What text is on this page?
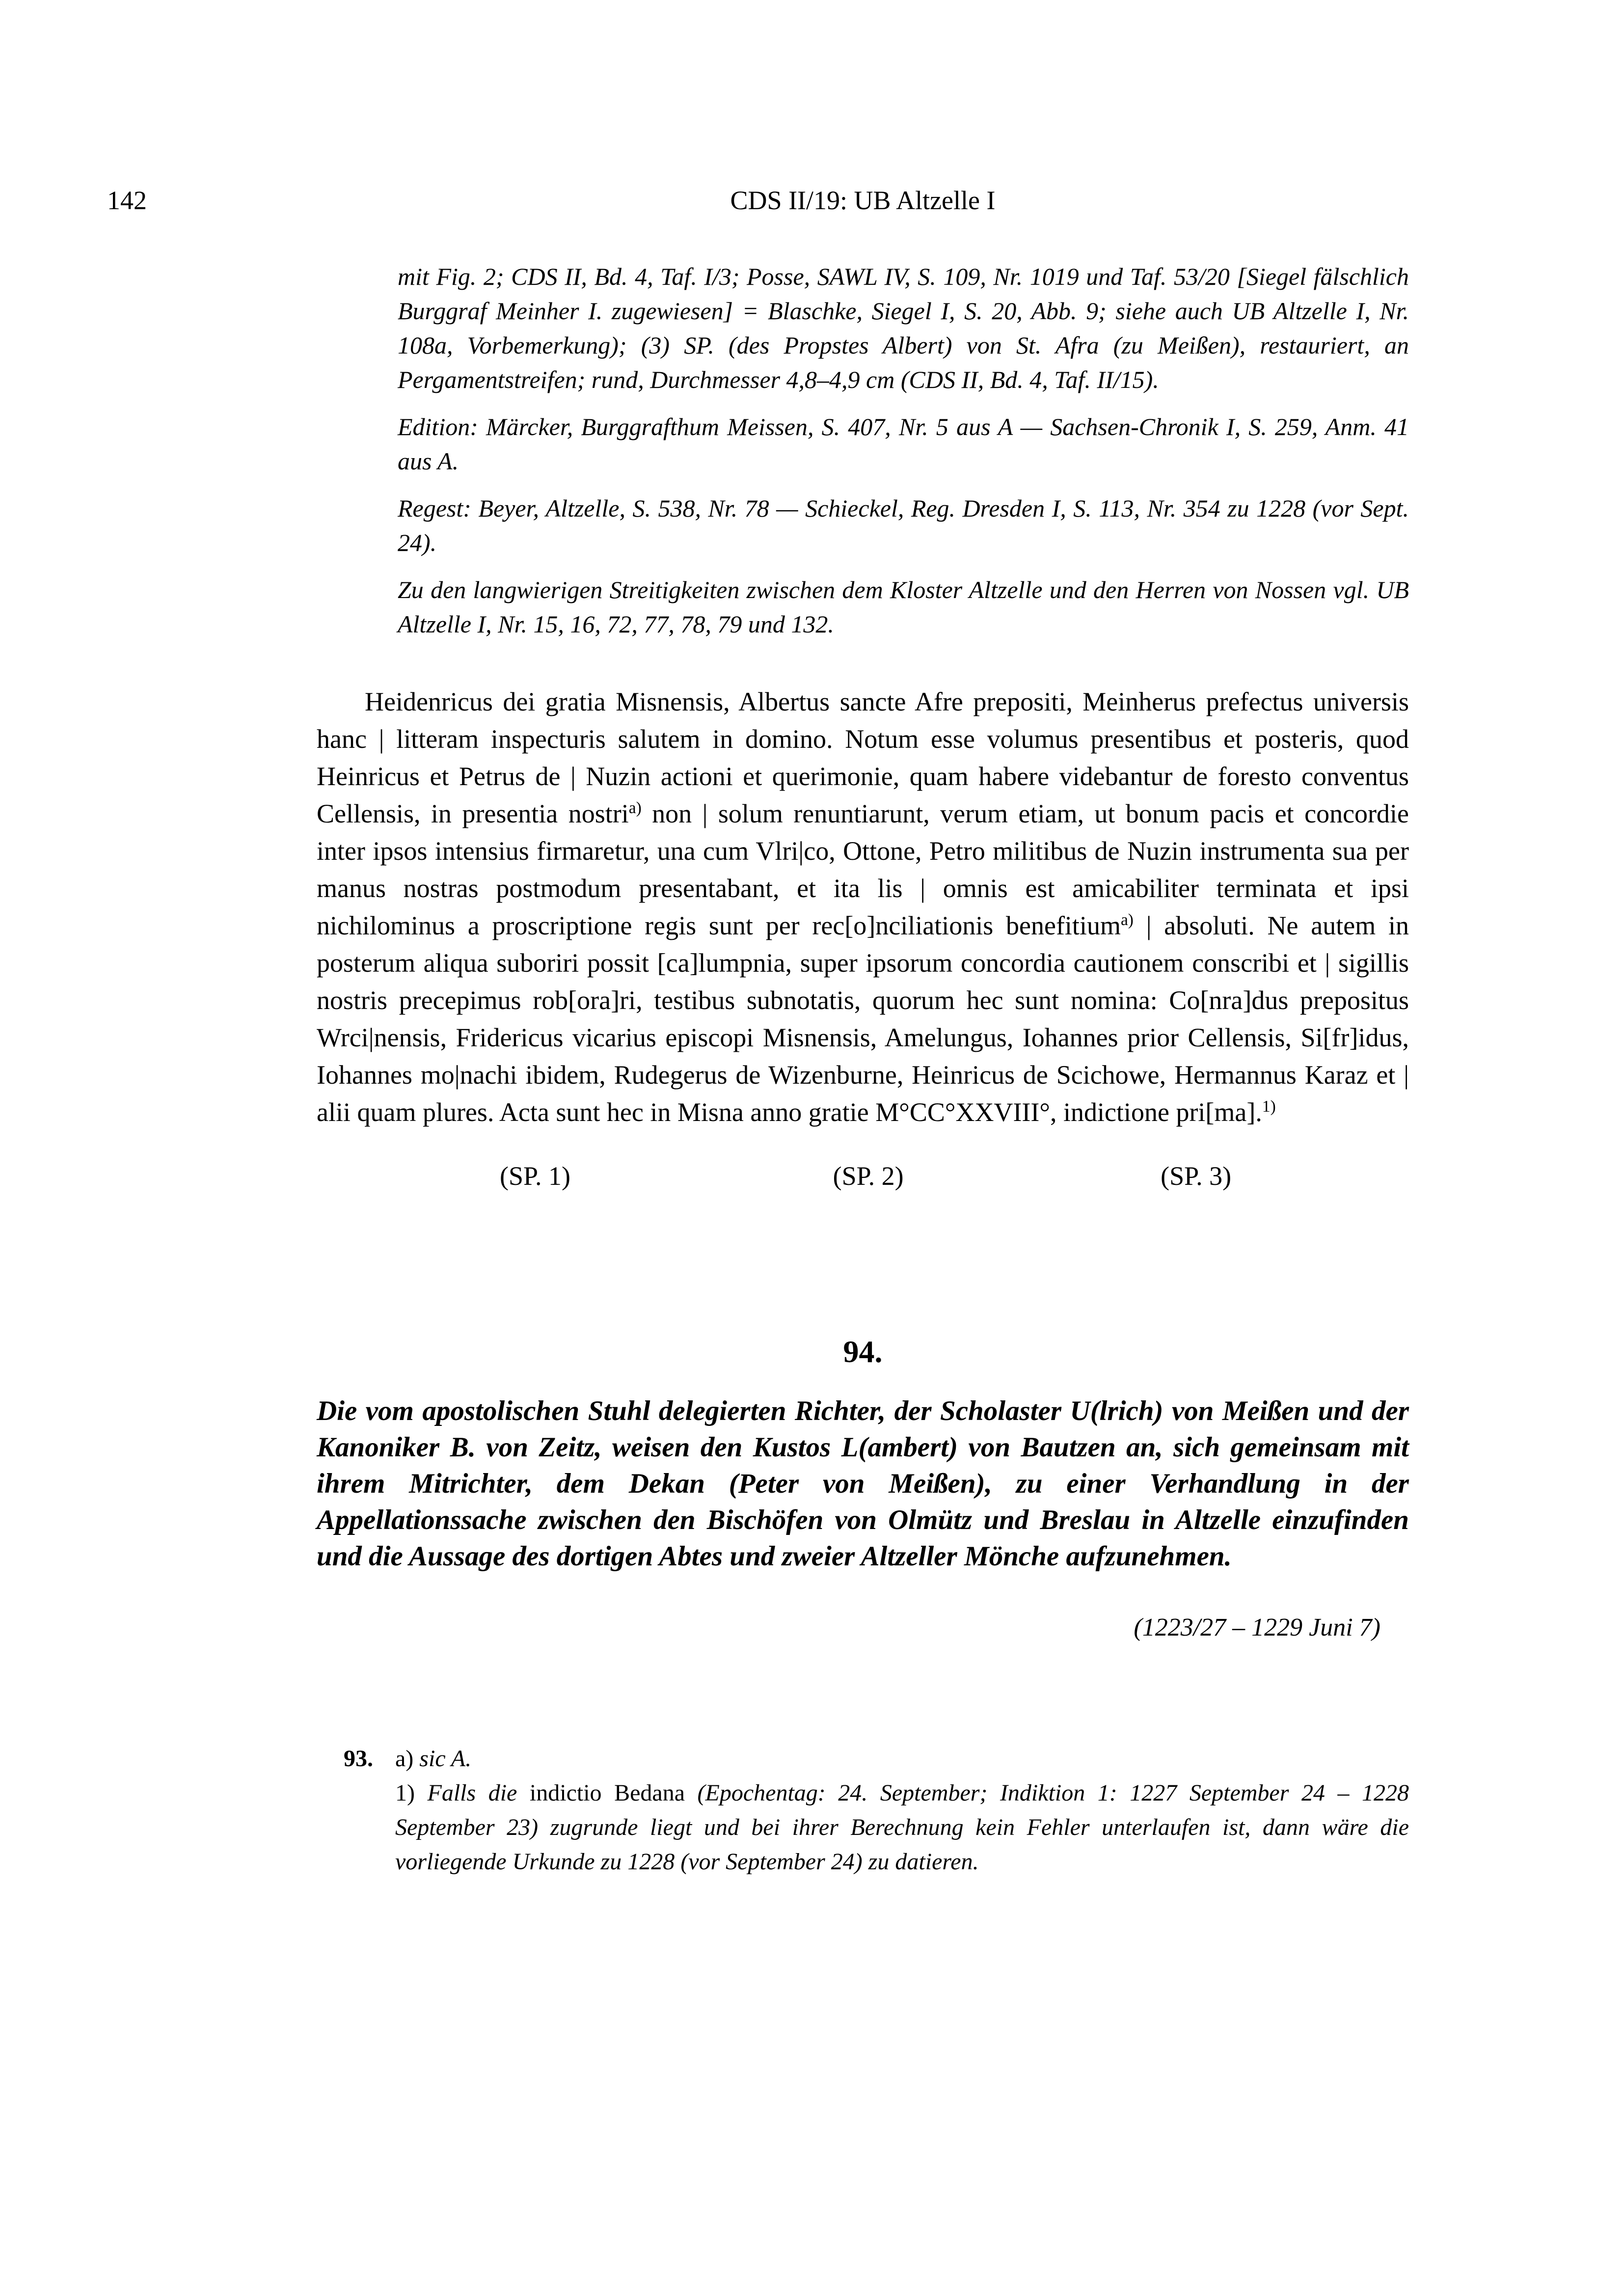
142	CDS II/19: UB Altzelle I

mit Fig. 2; CDS II, Bd. 4, Taf. I/3; Posse, SAWL IV, S. 109, Nr. 1019 und Taf. 53/20 [Siegel fälschlich Burggraf Meinher I. zugewiesen] = Blaschke, Siegel I, S. 20, Abb. 9; siehe auch UB Altzelle I, Nr. 108a, Vorbemerkung); (3) SP. (des Propstes Albert) von St. Afra (zu Meißen), restauriert, an Pergamentstreifen; rund, Durchmesser 4,8–4,9 cm (CDS II, Bd. 4, Taf. II/15).

Edition: Märcker, Burggrafthum Meissen, S. 407, Nr. 5 aus A — Sachsen-Chronik I, S. 259, Anm. 41 aus A.

Regest: Beyer, Altzelle, S. 538, Nr. 78 — Schieckel, Reg. Dresden I, S. 113, Nr. 354 zu 1228 (vor Sept. 24).

Zu den langwierigen Streitigkeiten zwischen dem Kloster Altzelle und den Herren von Nossen vgl. UB Altzelle I, Nr. 15, 16, 72, 77, 78, 79 und 132.

Heidenricus dei gratia Misnensis, Albertus sancte Afre prepositi, Meinherus prefectus universis hanc | litteram inspecturis salutem in domino. Notum esse volumus presentibus et posteris, quod Heinricus et Petrus de | Nuzin actioni et querimonie, quam habere videbantur de foresto conventus Cellensis, in presentia nostri$^{a)}$ non | solum renuntiarunt, verum etiam, ut bonum pacis et concordie inter ipsos intensius firmaretur, una cum Vlri|co, Ottone, Petro militibus de Nuzin instrumenta sua per manus nostras postmodum presentabant, et ita lis | omnis est amicabiliter terminata et ipsi nichilominus a proscriptione regis sunt per rec[o]nciliationis benefitium$^{a)}$ | absoluti. Ne autem in posterum aliqua suboriri possit [ca]lumpnia, super ipsorum concordia cautionem conscribi et | sigillis nostris precepimus rob[ora]ri, testibus subnotatis, quorum hec sunt nomina: Co[nra]dus prepositus Wrci|nensis, Fridericus vicarius episcopi Misnensis, Amelungus, Iohannes prior Cellensis, Si[fr]idus, Iohannes mo|nachi ibidem, Rudegerus de Wizenburne, Heinricus de Scichowe, Hermannus Karaz et | alii quam plures. Acta sunt hec in Misna anno gratie M°CC°XXVIII°, indictione pri[ma].$^{1)}$

(SP. 1)	(SP. 2)	(SP. 3)
94.

Die vom apostolischen Stuhl delegierten Richter, der Scholaster U(lrich) von Meißen und der Kanoniker B. von Zeitz, weisen den Kustos L(ambert) von Bautzen an, sich gemeinsam mit ihrem Mitrichter, dem Dekan (Peter von Meißen), zu einer Verhandlung in der Appellationssache zwischen den Bischöfen von Olmütz und Breslau in Altzelle einzufinden und die Aussage des dortigen Abtes und zweier Altzeller Mönche aufzunehmen.

(1223/27 – 1229 Juni 7)
93. a) sic A.
1) Falls die indictio Bedana (Epochentag: 24. September; Indiktion 1: 1227 September 24 – 1228 September 23) zugrunde liegt und bei ihrer Berechnung kein Fehler unterlaufen ist, dann wäre die vorliegende Urkunde zu 1228 (vor September 24) zu datieren.
